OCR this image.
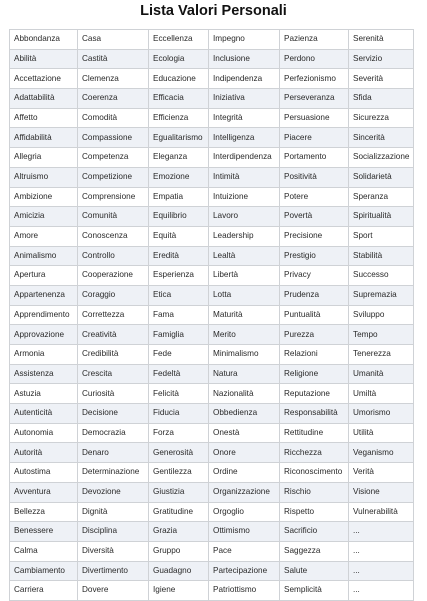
Lista Valori Personali
Abbondanza	Casa	Eccellenza	Impegno	Pazienza	Serenità
Abilità	Castità	Ecologia	Inclusione	Perdono	Servizio
Accettazione	Clemenza	Educazione	Indipendenza	Perfezionismo	Severità
Adattabilità	Coerenza	Efficacia	Iniziativa	Perseveranza	Sfida
Affetto	Comodità	Efficienza	Integrità	Persuasione	Sicurezza
Affidabilità	Compassione	Egualitarismo	Intelligenza	Piacere	Sincerità
Allegria	Competenza	Eleganza	Interdipendenza	Portamento	Socializzazione
Altruismo	Competizione	Emozione	Intimità	Positività	Solidarietà
Ambizione	Comprensione	Empatia	Intuizione	Potere	Speranza
Amicizia	Comunità	Equilibrio	Lavoro	Povertà	Spiritualità
Amore	Conoscenza	Equità	Leadership	Precisione	Sport
Animalismo	Controllo	Eredità	Lealtà	Prestigio	Stabilità
Apertura	Cooperazione	Esperienza	Libertà	Privacy	Successo
Appartenenza	Coraggio	Etica	Lotta	Prudenza	Supremazia
Apprendimento	Correttezza	Fama	Maturità	Puntualità	Sviluppo
Approvazione	Creatività	Famiglia	Merito	Purezza	Tempo
Armonia	Credibilità	Fede	Minimalismo	Relazioni	Tenerezza
Assistenza	Crescita	Fedeltà	Natura	Religione	Umanità
Astuzia	Curiosità	Felicità	Nazionalità	Reputazione	Umiltà
Autenticità	Decisione	Fiducia	Obbedienza	Responsabilità	Umorismo
Autonomia	Democrazia	Forza	Onestà	Rettitudine	Utilità
Autorità	Denaro	Generosità	Onore	Ricchezza	Veganismo
Autostima	Determinazione	Gentilezza	Ordine	Riconoscimento	Verità
Avventura	Devozione	Giustizia	Organizzazione	Rischio	Visione
Bellezza	Dignità	Gratitudine	Orgoglio	Rispetto	Vulnerabilità
Benessere	Disciplina	Grazia	Ottimismo	Sacrificio	...
Calma	Diversità	Gruppo	Pace	Saggezza	...
Cambiamento	Divertimento	Guadagno	Partecipazione	Salute	...
Carriera	Dovere	Igiene	Patriottismo	Semplicità	...
